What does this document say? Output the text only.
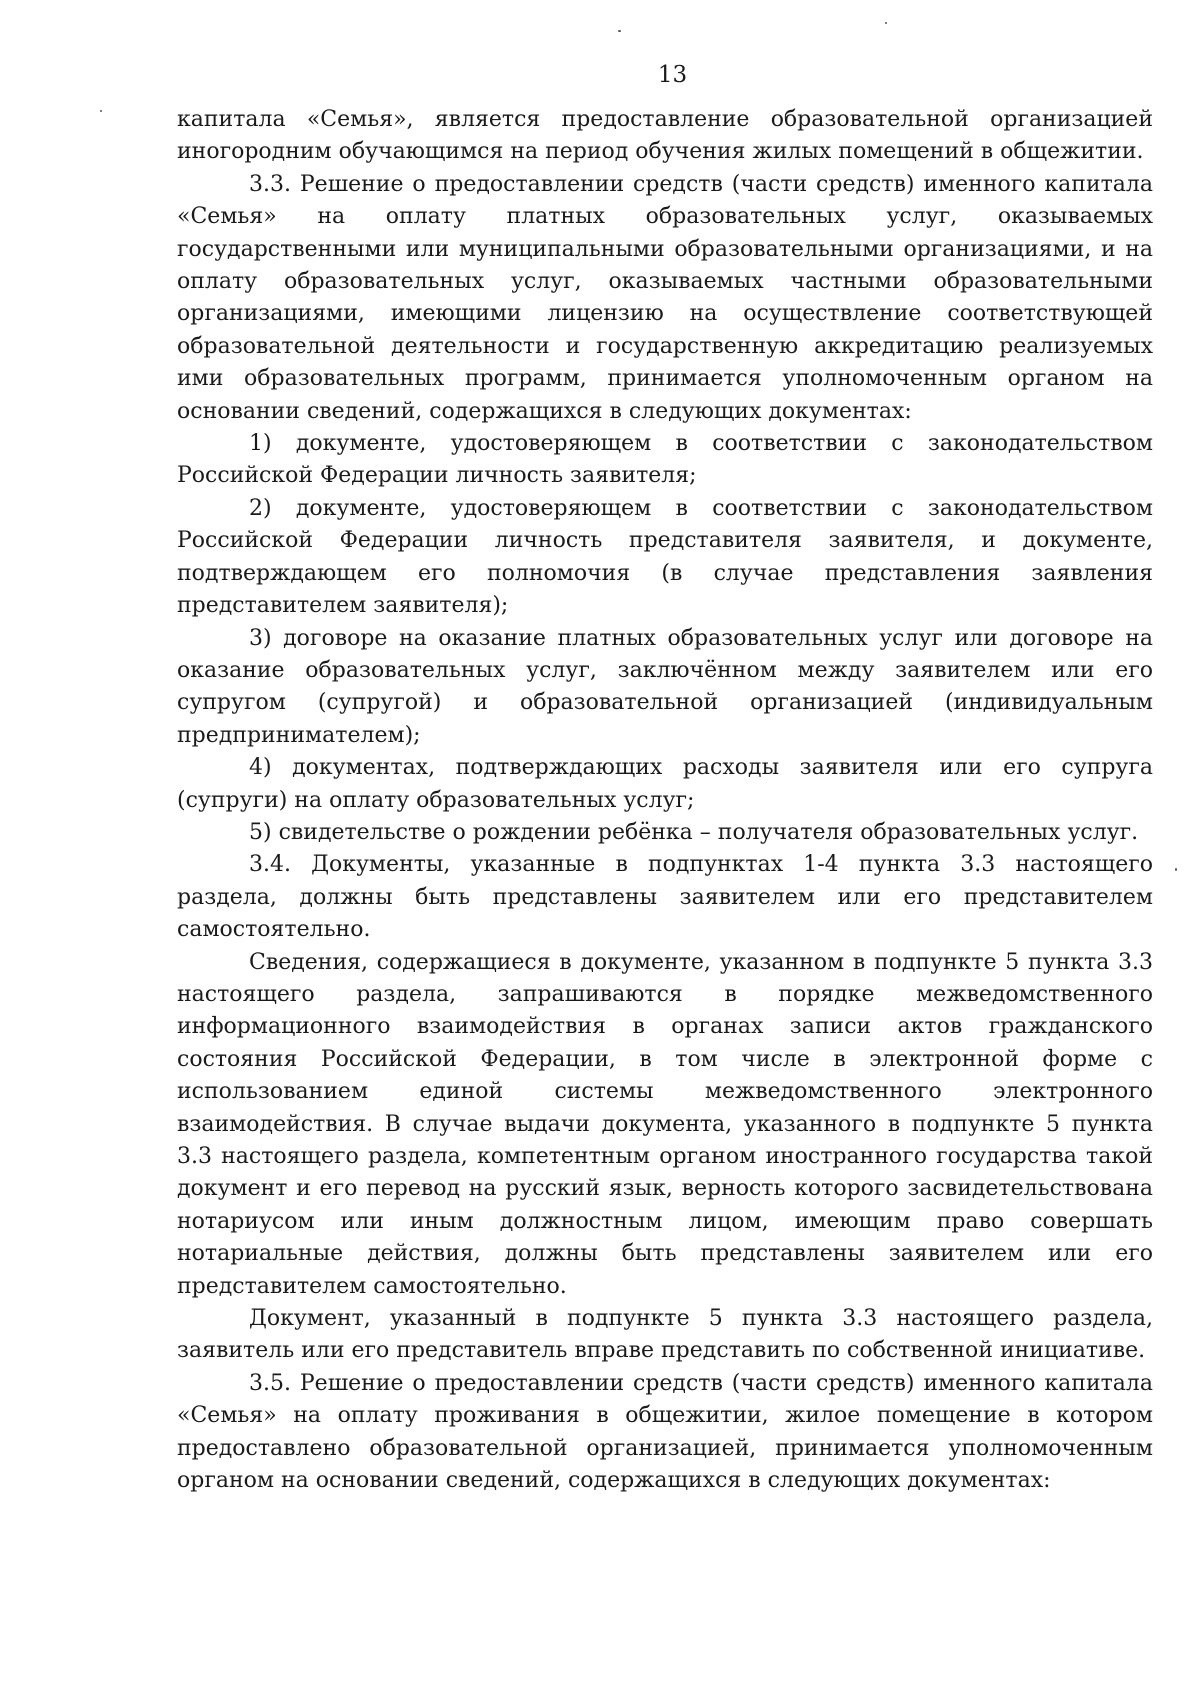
13

капитала «Семья», является предоставление образовательной организацией иногородним обучающимся на период обучения жилых помещений в общежитии.

3.3. Решение о предоставлении средств (части средств) именного капитала «Семья» на оплату платных образовательных услуг, оказываемых государственными или муниципальными образовательными организациями, и на оплату образовательных услуг, оказываемых частными образовательными организациями, имеющими лицензию на осуществление соответствующей образовательной деятельности и государственную аккредитацию реализуемых ими образовательных программ, принимается уполномоченным органом на основании сведений, содержащихся в следующих документах:

1) документе, удостоверяющем в соответствии с законодательством Российской Федерации личность заявителя;

2) документе, удостоверяющем в соответствии с законодательством Российской Федерации личность представителя заявителя, и документе, подтверждающем его полномочия (в случае представления заявления представителем заявителя);

3) договоре на оказание платных образовательных услуг или договоре на оказание образовательных услуг, заключённом между заявителем или его супругом (супругой) и образовательной организацией (индивидуальным предпринимателем);

4) документах, подтверждающих расходы заявителя или его супруга (супруги) на оплату образовательных услуг;

5) свидетельстве о рождении ребёнка – получателя образовательных услуг.

3.4. Документы, указанные в подпунктах 1-4 пункта 3.3 настоящего раздела, должны быть представлены заявителем или его представителем самостоятельно.

Сведения, содержащиеся в документе, указанном в подпункте 5 пункта 3.3 настоящего раздела, запрашиваются в порядке межведомственного информационного взаимодействия в органах записи актов гражданского состояния Российской Федерации, в том числе в электронной форме с использованием единой системы межведомственного электронного взаимодействия. В случае выдачи документа, указанного в подпункте 5 пункта 3.3 настоящего раздела, компетентным органом иностранного государства такой документ и его перевод на русский язык, верность которого засвидетельствована нотариусом или иным должностным лицом, имеющим право совершать нотариальные действия, должны быть представлены заявителем или его представителем самостоятельно.

Документ, указанный в подпункте 5 пункта 3.3 настоящего раздела, заявитель или его представитель вправе представить по собственной инициативе.

3.5. Решение о предоставлении средств (части средств) именного капитала «Семья» на оплату проживания в общежитии, жилое помещение в котором предоставлено образовательной организацией, принимается уполномоченным органом на основании сведений, содержащихся в следующих документах:
